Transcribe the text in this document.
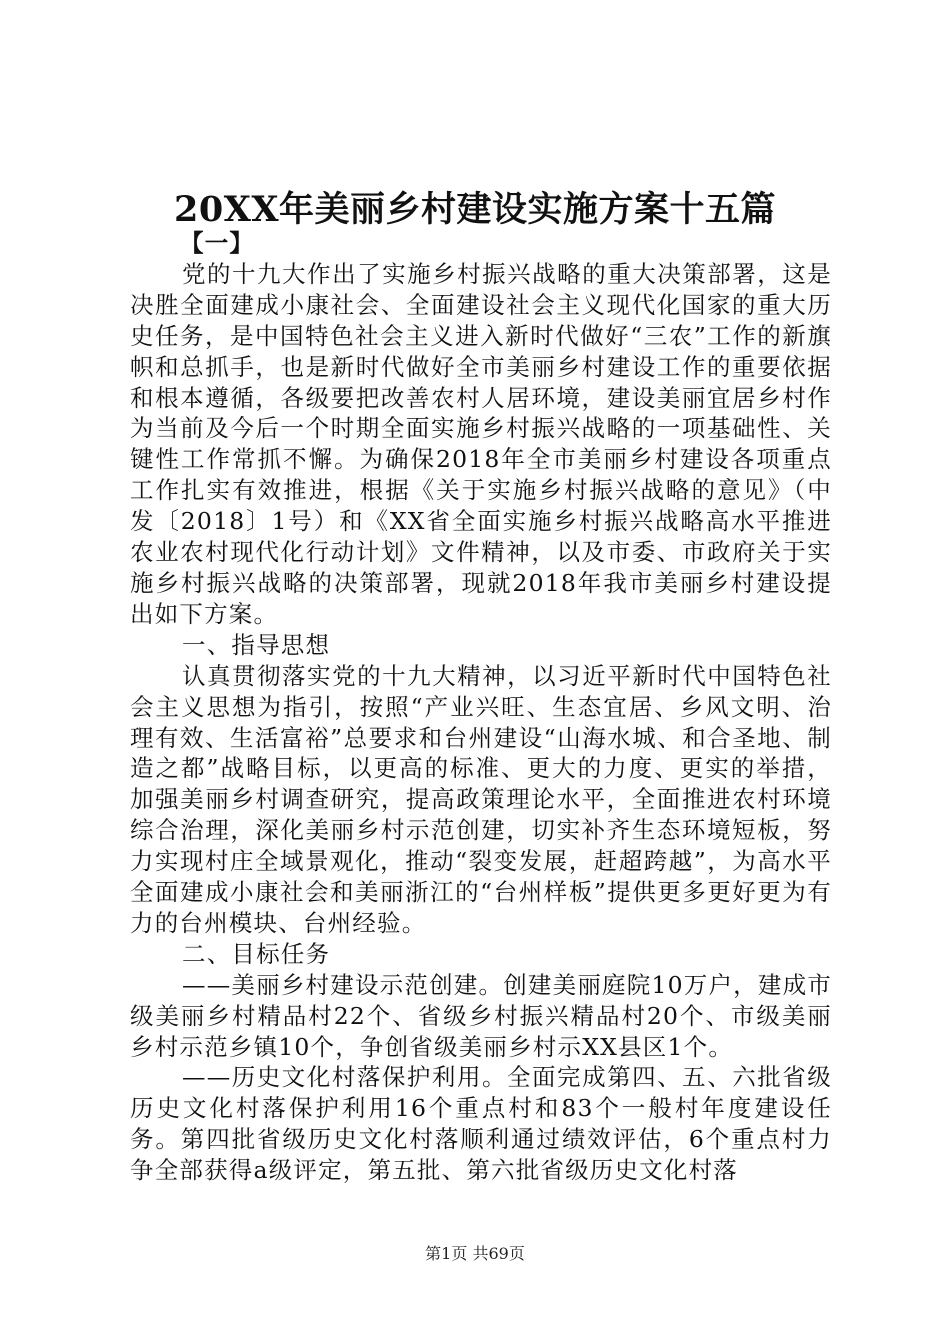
20XX年美丽乡村建设实施方案十五篇

【一】

党的十九大作出了实施乡村振兴战略的重大决策部署，这是决胜全面建成小康社会、全面建设社会主义现代化国家的重大历史任务，是中国特色社会主义进入新时代做好“三农”工作的新旗帜和总抓手，也是新时代做好全市美丽乡村建设工作的重要依据和根本遵循，各级要把改善农村人居环境，建设美丽宜居乡村作为当前及今后一个时期全面实施乡村振兴战略的一项基础性、关键性工作常抓不懈。为确保2018年全市美丽乡村建设各项重点工作扎实有效推进，根据《关于实施乡村振兴战略的意见》（中发〔2018〕1号）和《XX省全面实施乡村振兴战略高水平推进农业农村现代化行动计划》文件精神，以及市委、市政府关于实施乡村振兴战略的决策部署，现就2018年我市美丽乡村建设提出如下方案。

一、指导思想

认真贯彻落实党的十九大精神，以习近平新时代中国特色社会主义思想为指引，按照“产业兴旺、生态宜居、乡风文明、治理有效、生活富裕”总要求和台州建设“山海水城、和合圣地、制造之都”战略目标，以更高的标准、更大的力度、更实的举措，加强美丽乡村调查研究，提高政策理论水平，全面推进农村环境综合治理，深化美丽乡村示范创建，切实补齐生态环境短板，努力实现村庄全域景观化，推动“裂变发展，赶超跨越”，为高水平全面建成小康社会和美丽浙江的“台州样板”提供更多更好更为有力的台州模块、台州经验。

二、目标任务

——美丽乡村建设示范创建。创建美丽庭院10万户，建成市级美丽乡村精品村22个、省级乡村振兴精品村20个、市级美丽乡村示范乡镇10个，争创省级美丽乡村示XX县区1个。

——历史文化村落保护利用。全面完成第四、五、六批省级历史文化村落保护利用16个重点村和83个一般村年度建设任务。第四批省级历史文化村落顺利通过绩效评估，6个重点村力争全部获得a级评定，第五批、第六批省级历史文化村落

第1页 共69页
